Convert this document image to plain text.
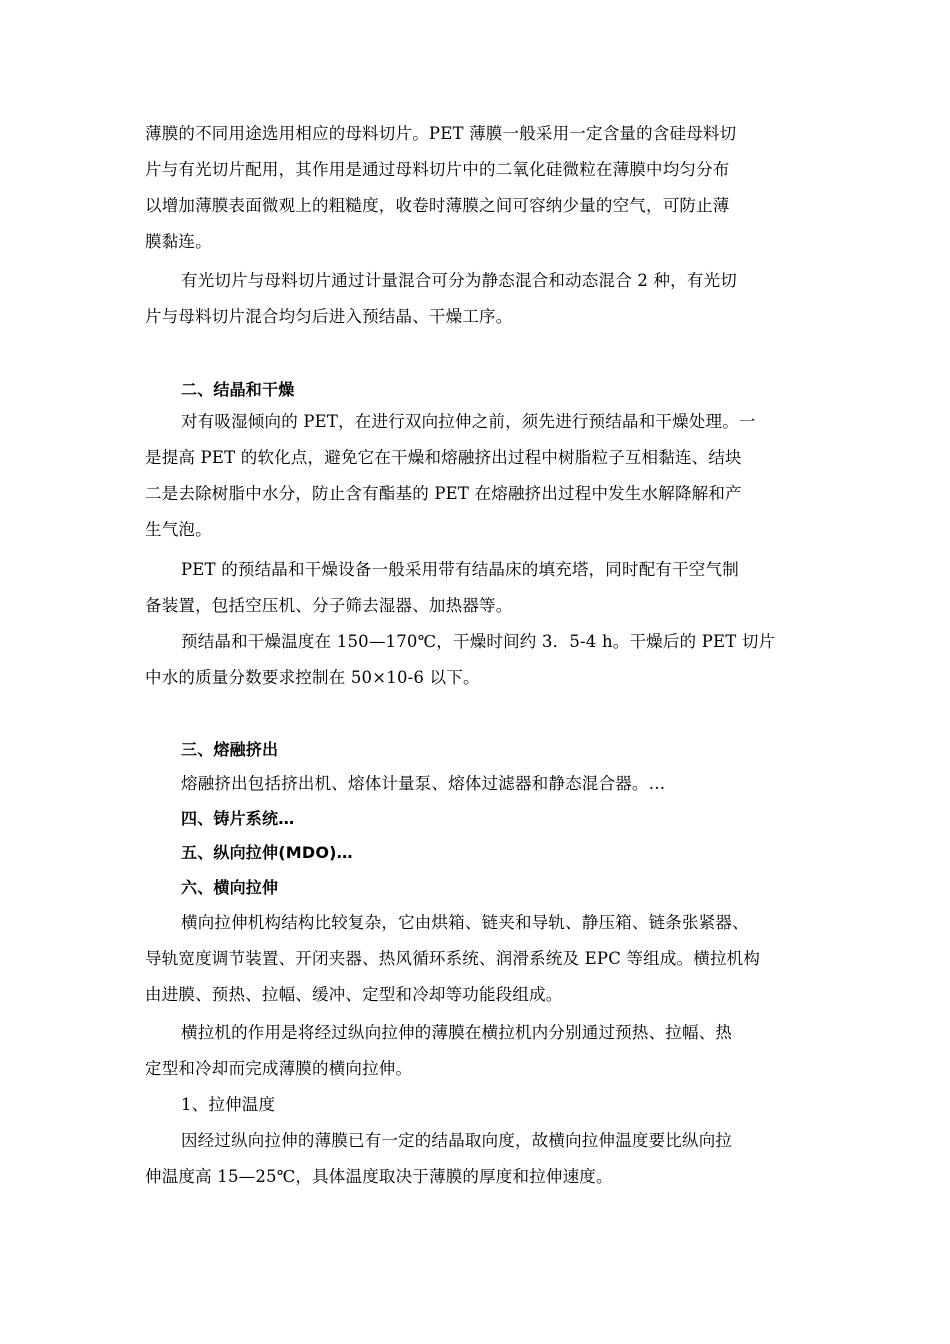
薄膜的不同用途选用相应的母料切片。PET 薄膜一般采用一定含量的含硅母料切
片与有光切片配用，其作用是通过母料切片中的二氧化硅微粒在薄膜中均匀分布
以增加薄膜表面微观上的粗糙度，收卷时薄膜之间可容纳少量的空气，可防止薄
膜黏连。
有光切片与母料切片通过计量混合可分为静态混合和动态混合 2 种，有光切
片与母料切片混合均匀后进入预结晶、干燥工序。
二、结晶和干燥
对有吸湿倾向的 PET，在进行双向拉伸之前，须先进行预结晶和干燥处理。一
是提高 PET 的软化点，避免它在干燥和熔融挤出过程中树脂粒子互相黏连、结块
二是去除树脂中水分，防止含有酯基的 PET 在熔融挤出过程中发生水解降解和产
生气泡。
PET 的预结晶和干燥设备一般采用带有结晶床的填充塔，同时配有干空气制
备装置，包括空压机、分子筛去湿器、加热器等。
预结晶和干燥温度在 150—170℃，干燥时间约 3．5-4 h。干燥后的 PET 切片
中水的质量分数要求控制在 50×10-6 以下。
三、熔融挤出
熔融挤出包括挤出机、熔体计量泵、熔体过滤器和静态混合器。…
四、铸片系统…
五、纵向拉伸(MDO)…
六、横向拉伸
横向拉伸机构结构比较复杂，它由烘箱、链夹和导轨、静压箱、链条张紧器、
导轨宽度调节装置、开闭夹器、热风循环系统、润滑系统及 EPC 等组成。横拉机构
由进膜、预热、拉幅、缓冲、定型和冷却等功能段组成。
横拉机的作用是将经过纵向拉伸的薄膜在横拉机内分别通过预热、拉幅、热
定型和冷却而完成薄膜的横向拉伸。
1、拉伸温度
因经过纵向拉伸的薄膜已有一定的结晶取向度，故横向拉伸温度要比纵向拉
伸温度高 15—25℃，具体温度取决于薄膜的厚度和拉伸速度。
